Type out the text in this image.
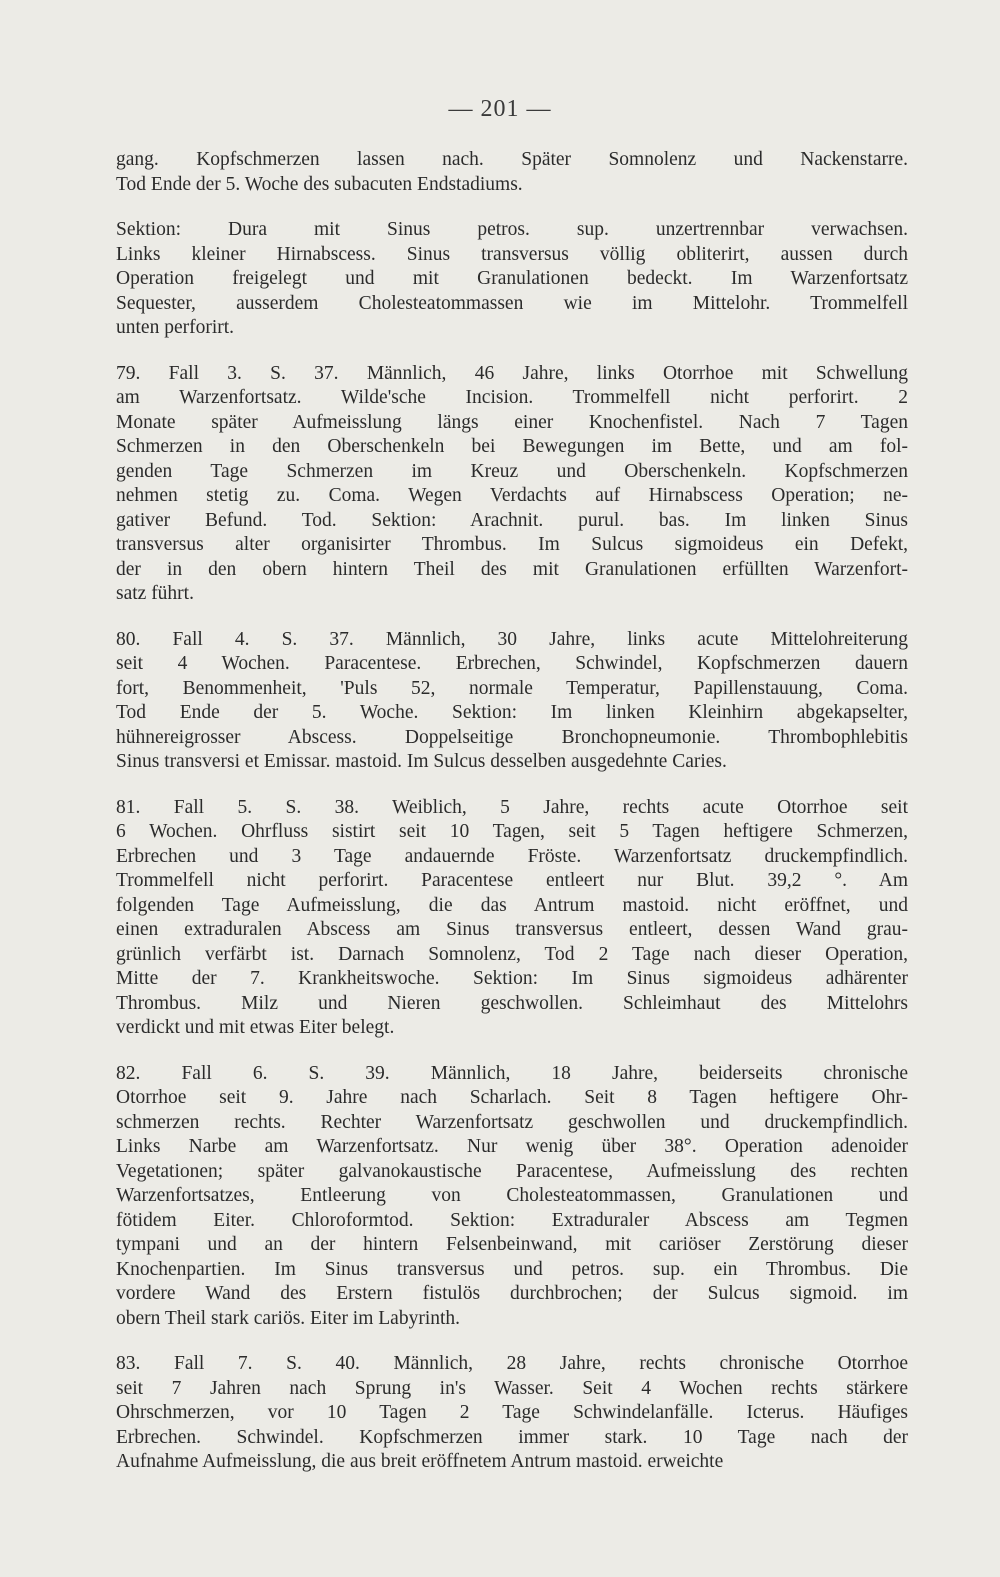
— 201 —
gang. Kopfschmerzen lassen nach. Später Somnolenz und Nackenstarre.
Tod Ende der 5. Woche des subacuten Endstadiums.
Sektion: Dura mit Sinus petros. sup. unzertrennbar verwachsen.
Links kleiner Hirnabscess. Sinus transversus völlig obliterirt, aussen durch
Operation freigelegt und mit Granulationen bedeckt. Im Warzenfortsatz
Sequester, ausserdem Cholesteatommassen wie im Mittelohr. Trommelfell
unten perforirt.
79. Fall 3. S. 37. Männlich, 46 Jahre, links Otorrhoe mit Schwellung
am Warzenfortsatz. Wilde'sche Incision. Trommelfell nicht perforirt. 2
Monate später Aufmeisslung längs einer Knochenfistel. Nach 7 Tagen
Schmerzen in den Oberschenkeln bei Bewegungen im Bette, und am fol-
genden Tage Schmerzen im Kreuz und Oberschenkeln. Kopfschmerzen
nehmen stetig zu. Coma. Wegen Verdachts auf Hirnabscess Operation; ne-
gativer Befund. Tod. Sektion: Arachnit. purul. bas. Im linken Sinus
transversus alter organisirter Thrombus. Im Sulcus sigmoideus ein Defekt,
der in den obern hintern Theil des mit Granulationen erfüllten Warzenfort-
satz führt.
80. Fall 4. S. 37. Männlich, 30 Jahre, links acute Mittelohreiterung
seit 4 Wochen. Paracentese. Erbrechen, Schwindel, Kopfschmerzen dauern
fort, Benommenheit, 'Puls 52, normale Temperatur, Papillenstauung, Coma.
Tod Ende der 5. Woche. Sektion: Im linken Kleinhirn abgekapselter,
hühnereigrosser Abscess. Doppelseitige Bronchopneumonie. Thrombophlebitis
Sinus transversi et Emissar. mastoid. Im Sulcus desselben ausgedehnte Caries.
81. Fall 5. S. 38. Weiblich, 5 Jahre, rechts acute Otorrhoe seit
6 Wochen. Ohrfluss sistirt seit 10 Tagen, seit 5 Tagen heftigere Schmerzen,
Erbrechen und 3 Tage andauernde Fröste. Warzenfortsatz druckempfindlich.
Trommelfell nicht perforirt. Paracentese entleert nur Blut. 39,2 °. Am
folgenden Tage Aufmeisslung, die das Antrum mastoid. nicht eröffnet, und
einen extraduralen Abscess am Sinus transversus entleert, dessen Wand grau-
grünlich verfärbt ist. Darnach Somnolenz, Tod 2 Tage nach dieser Operation,
Mitte der 7. Krankheitswoche. Sektion: Im Sinus sigmoideus adhärenter
Thrombus. Milz und Nieren geschwollen. Schleimhaut des Mittelohrs
verdickt und mit etwas Eiter belegt.
82. Fall 6. S. 39. Männlich, 18 Jahre, beiderseits chronische
Otorrhoe seit 9. Jahre nach Scharlach. Seit 8 Tagen heftigere Ohr-
schmerzen rechts. Rechter Warzenfortsatz geschwollen und druckempfindlich.
Links Narbe am Warzenfortsatz. Nur wenig über 38°. Operation adenoider
Vegetationen; später galvanokaustische Paracentese, Aufmeisslung des rechten
Warzenfortsatzes, Entleerung von Cholesteatommassen, Granulationen und
fötidem Eiter. Chloroformtod. Sektion: Extraduraler Abscess am Tegmen
tympani und an der hintern Felsenbeinwand, mit cariöser Zerstörung dieser
Knochenpartien. Im Sinus transversus und petros. sup. ein Thrombus. Die
vordere Wand des Erstern fistulös durchbrochen; der Sulcus sigmoid. im
obern Theil stark cariös. Eiter im Labyrinth.
83. Fall 7. S. 40. Männlich, 28 Jahre, rechts chronische Otorrhoe
seit 7 Jahren nach Sprung in's Wasser. Seit 4 Wochen rechts stärkere
Ohrschmerzen, vor 10 Tagen 2 Tage Schwindelanfälle. Icterus. Häufiges
Erbrechen. Schwindel. Kopfschmerzen immer stark. 10 Tage nach der
Aufnahme Aufmeisslung, die aus breit eröffnetem Antrum mastoid. erweichte
